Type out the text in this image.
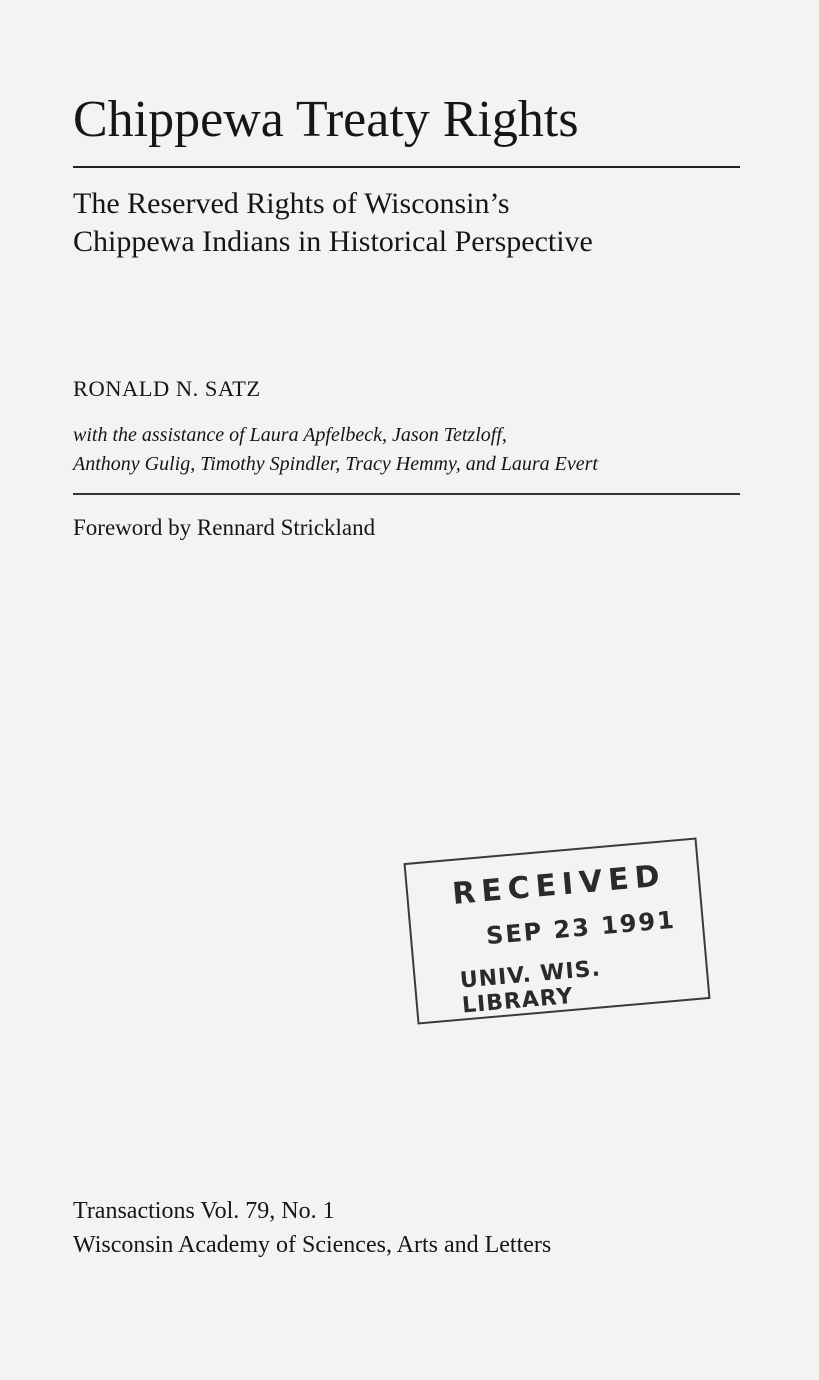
Chippewa Treaty Rights
The Reserved Rights of Wisconsin’s
Chippewa Indians in Historical Perspective
RONALD N. SATZ
with the assistance of Laura Apfelbeck, Jason Tetzloff,
Anthony Gulig, Timothy Spindler, Tracy Hemmy, and Laura Evert
Foreword by Rennard Strickland
RECEIVED
SEP 23 1991
UNIV. WIS. LIBRARY
Transactions Vol. 79, No. 1
Wisconsin Academy of Sciences, Arts and Letters
